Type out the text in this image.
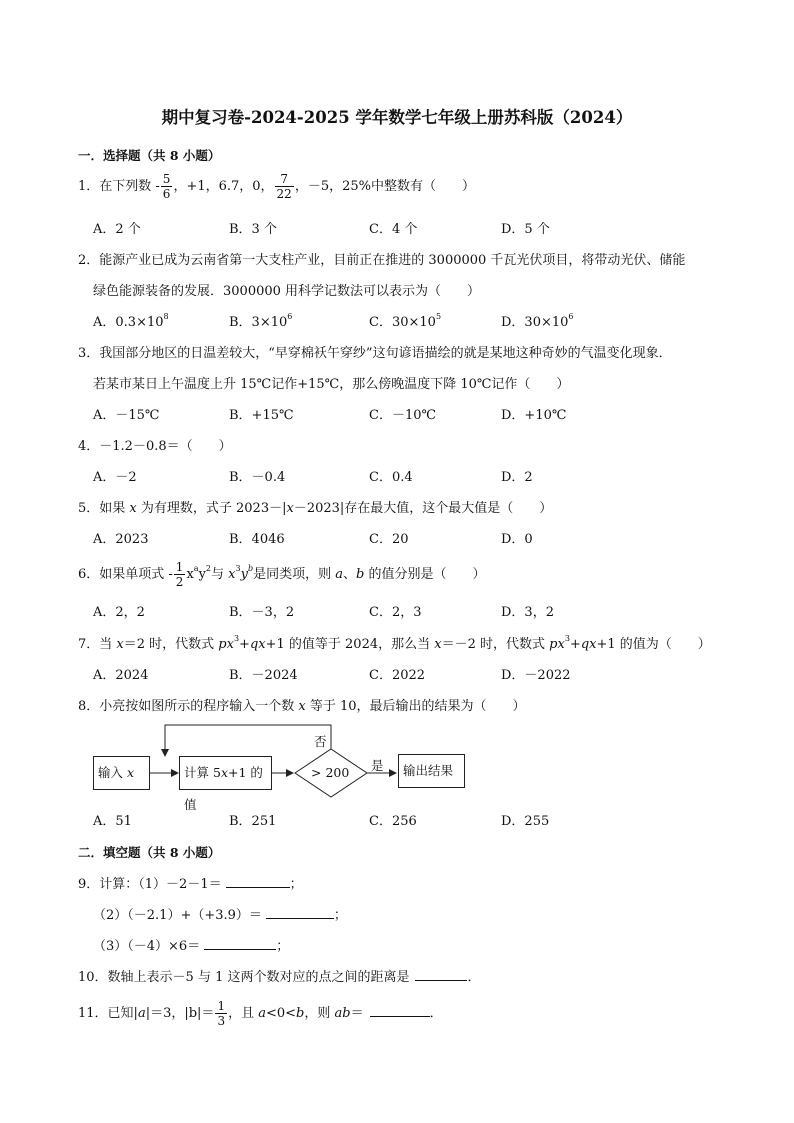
期中复习卷-2024-2025 学年数学七年级上册苏科版（2024）
一．选择题（共 8 小题）
1．在下列数 - $\frac{5}{6}$ ，+1，6.7，0， $\frac{7}{22}$ ，－5，25%中整数有（　　）
A．2 个	B．3 个	C．4 个	D．5 个
2．能源产业已成为云南省第一大支柱产业，目前正在推进的 3000000 千瓦光伏项目，将带动光伏、储能
绿色能源装备的发展．3000000 用科学记数法可以表示为（　　）
A．$0.3\times 10^8$	B．$3\times 10^6$	C．$30\times 10^5$	D．$30\times 10^6$
3．我国部分地区的日温差较大，“早穿棉袄午穿纱”这句谚语描绘的就是某地这种奇妙的气温变化现象．
若某市某日上午温度上升 15℃记作+15℃，那么傍晚温度下降 10℃记作（　　）
A．－15℃	B．+15℃	C．－10℃	D．+10℃
4．－1.2－0.8＝（　　）
A．－2	B．－0.4	C．0.4	D．2
5．如果 x 为有理数，式子 2023－|x－2023|存在最大值，这个最大值是（　　）
A．2023	B．4046	C．20	D．0
6．如果单项式 - $\frac{1}{2} x^ay^2$与 $x^3y^b$是同类项，则 a、b 的值分别是（　　）
A．2，2	B．－3，2	C．2，3	D．3，2
7．当 x＝2 时，代数式 $px^3+qx+1$ 的值等于 2024，那么当 x＝－2 时，代数式 $px^3+qx+1$ 的值为（　　）
A．2024	B．－2024	C．2022	D．－2022
8．小亮按如图所示的程序输入一个数 x 等于 10，最后输出的结果为（　　）
输入 x	计算 5x+1 的值
> 200 是
否
输出结果
A．51	B．251	C．256	D．255
二．填空题（共 8 小题）
9．计算：（1）－2－1＝	；
（2）（－2.1）+（+3.9）＝	；
（3）（－4）×6＝	；
10．数轴上表示－5 与 1 这两个数对应的点之间的距离是	．
11．已知|a|＝3，$|b|= \frac{1}{3}$ ，且 a<0<b，则 ab＝	．
